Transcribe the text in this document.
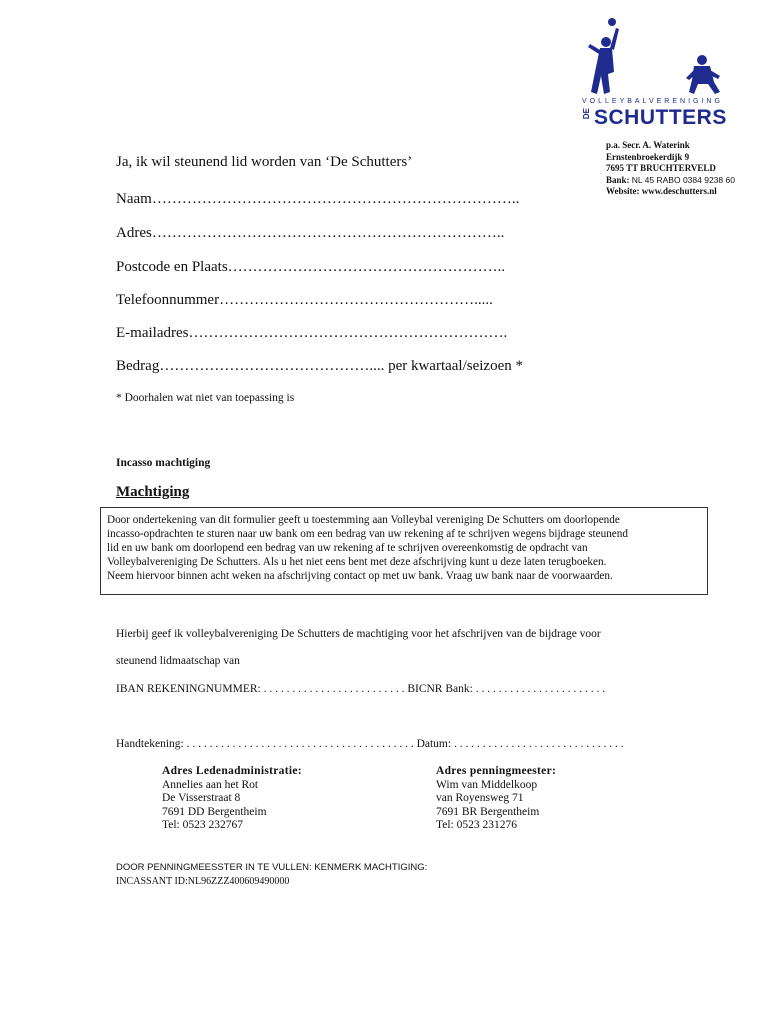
VOLLEYBALVERENIGING
DE SCHUTTERS
p.a. Secr. A. Waterink
Ernstenbroekerdijk 9
7695 TT BRUCHTERVELD
Bank: NL 45 RABO 0384 9238 60
Website: www.deschutters.nl
Ja, ik wil steunend lid worden van ‘De Schutters’
Naam………………………………………………………………..
Adres……………………………………………………………..
Postcode en Plaats………………………………………………..
Telefoonnummer…………………………………………….....
E-mailadres……………………………………………………….
Bedrag…………………………………….... per kwartaal/seizoen *
* Doorhalen wat niet van toepassing is
Incasso machtiging
Machtiging
Door ondertekening van dit formulier geeft u toestemming aan Volleybal vereniging De Schutters om doorlopende
incasso-opdrachten te sturen naar uw bank om een bedrag van uw rekening af te schrijven wegens bijdrage steunend
lid en uw bank om doorlopend een bedrag van uw rekening af te schrijven overeenkomstig de opdracht van
Volleybalvereniging De Schutters. Als u het niet eens bent met deze afschrijving kunt u deze laten terugboeken.
Neem hiervoor binnen acht weken na afschrijving contact op met uw bank. Vraag uw bank naar de voorwaarden.
Hierbij geef ik volleybalvereniging De Schutters de machtiging voor het afschrijven van de bijdrage voor
steunend lidmaatschap van
IBAN REKENINGNUMMER: . . . . . . . . . . . . . . . . . . . . . . . . . BICNR Bank: . . . . . . . . . . . . . . . . . . . . . . .
Handtekening: . . . . . . . . . . . . . . . . . . . . . . . . . . . . . . . . . . . . . . . . Datum: . . . . . . . . . . . . . . . . . . . . . . . . . . . . . .
Adres Ledenadministratie:
Annelies aan het Rot
De Visserstraat 8
7691 DD Bergentheim
Tel: 0523 232767
Adres penningmeester:
Wim van Middelkoop
van Royensweg 71
7691 BR Bergentheim
Tel: 0523 231276
DOOR PENNINGMEESSTER IN TE VULLEN: KENMERK MACHTIGING:
INCASSANT ID:NL96ZZZ400609490000
